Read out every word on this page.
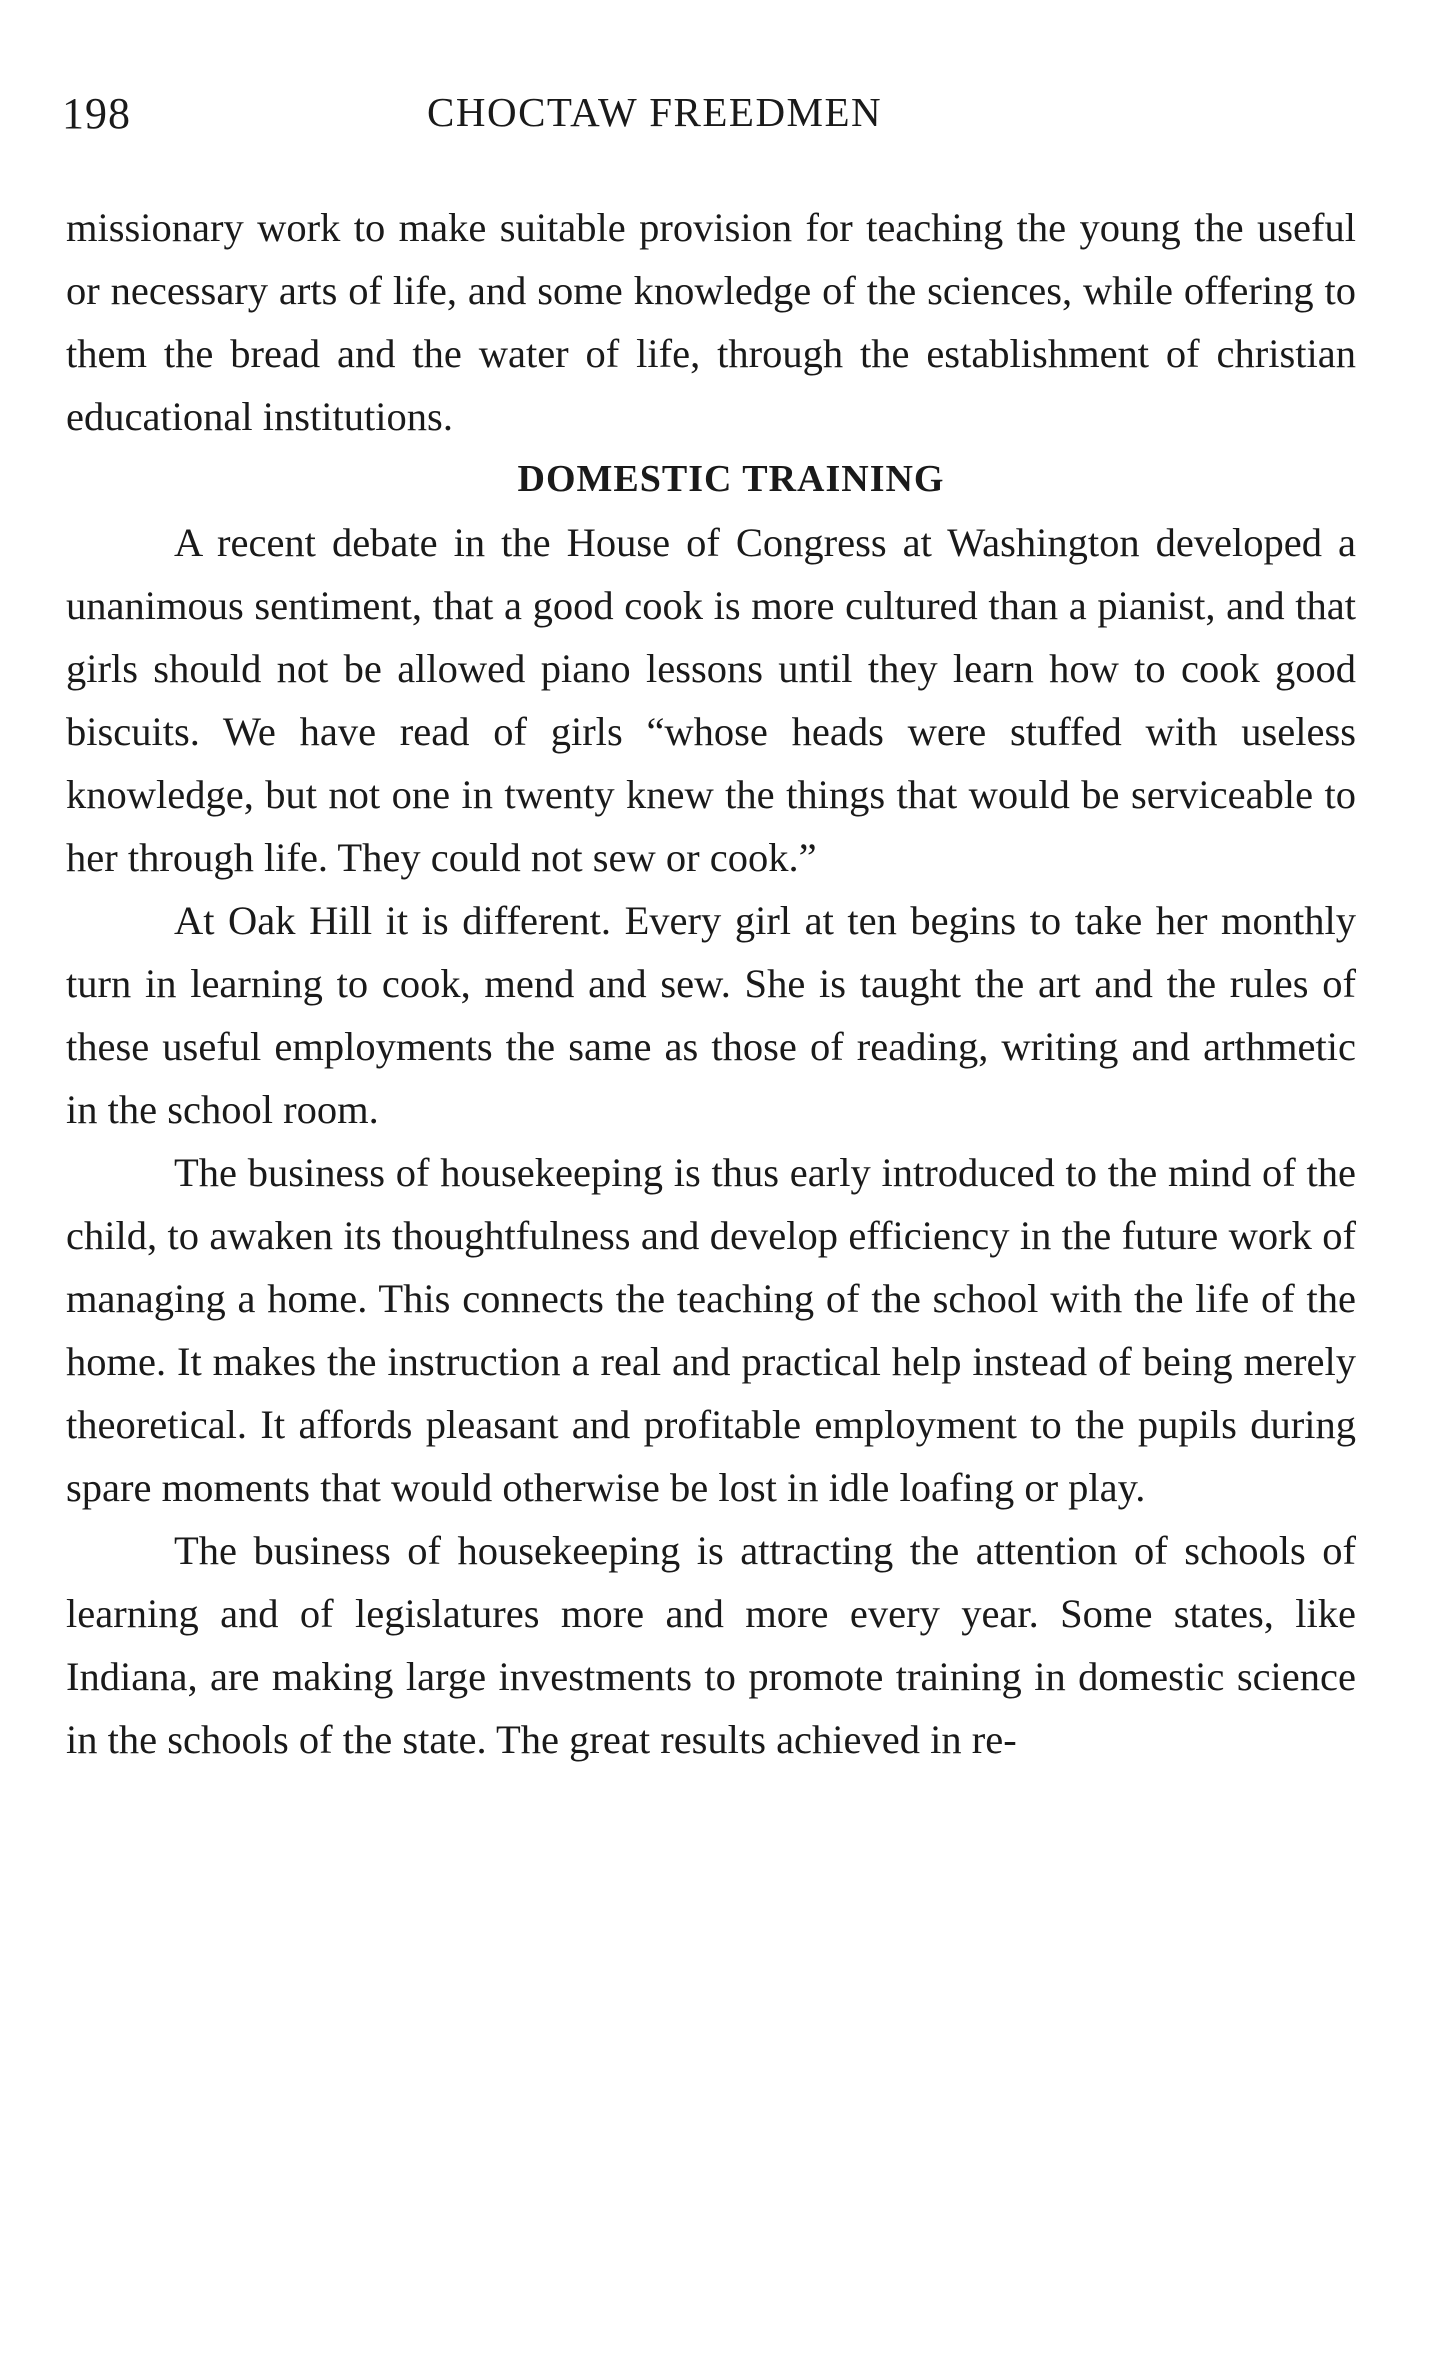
198	CHOCTAW FREEDMEN

missionary work to make suitable provision for teaching the young the useful or necessary arts of life, and some knowledge of the sciences, while offering to them the bread and the water of life, through the establishment of christian educational institutions.

DOMESTIC TRAINING

A recent debate in the House of Congress at Washington developed a unanimous sentiment, that a good cook is more cultured than a pianist, and that girls should not be allowed piano lessons until they learn how to cook good biscuits. We have read of girls “whose heads were stuffed with useless knowledge, but not one in twenty knew the things that would be serviceable to her through life. They could not sew or cook.”

At Oak Hill it is different. Every girl at ten begins to take her monthly turn in learning to cook, mend and sew. She is taught the art and the rules of these useful employments the same as those of reading, writing and arthmetic in the school room.

The business of housekeeping is thus early introduced to the mind of the child, to awaken its thoughtfulness and develop efficiency in the future work of managing a home. This connects the teaching of the school with the life of the home. It makes the instruction a real and practical help instead of being merely theoretical. It affords pleasant and profitable employment to the pupils during spare moments that would otherwise be lost in idle loafing or play.

The business of housekeeping is attracting the attention of schools of learning and of legislatures more and more every year. Some states, like Indiana, are making large investments to promote training in domestic science in the schools of the state. The great results achieved in re-
